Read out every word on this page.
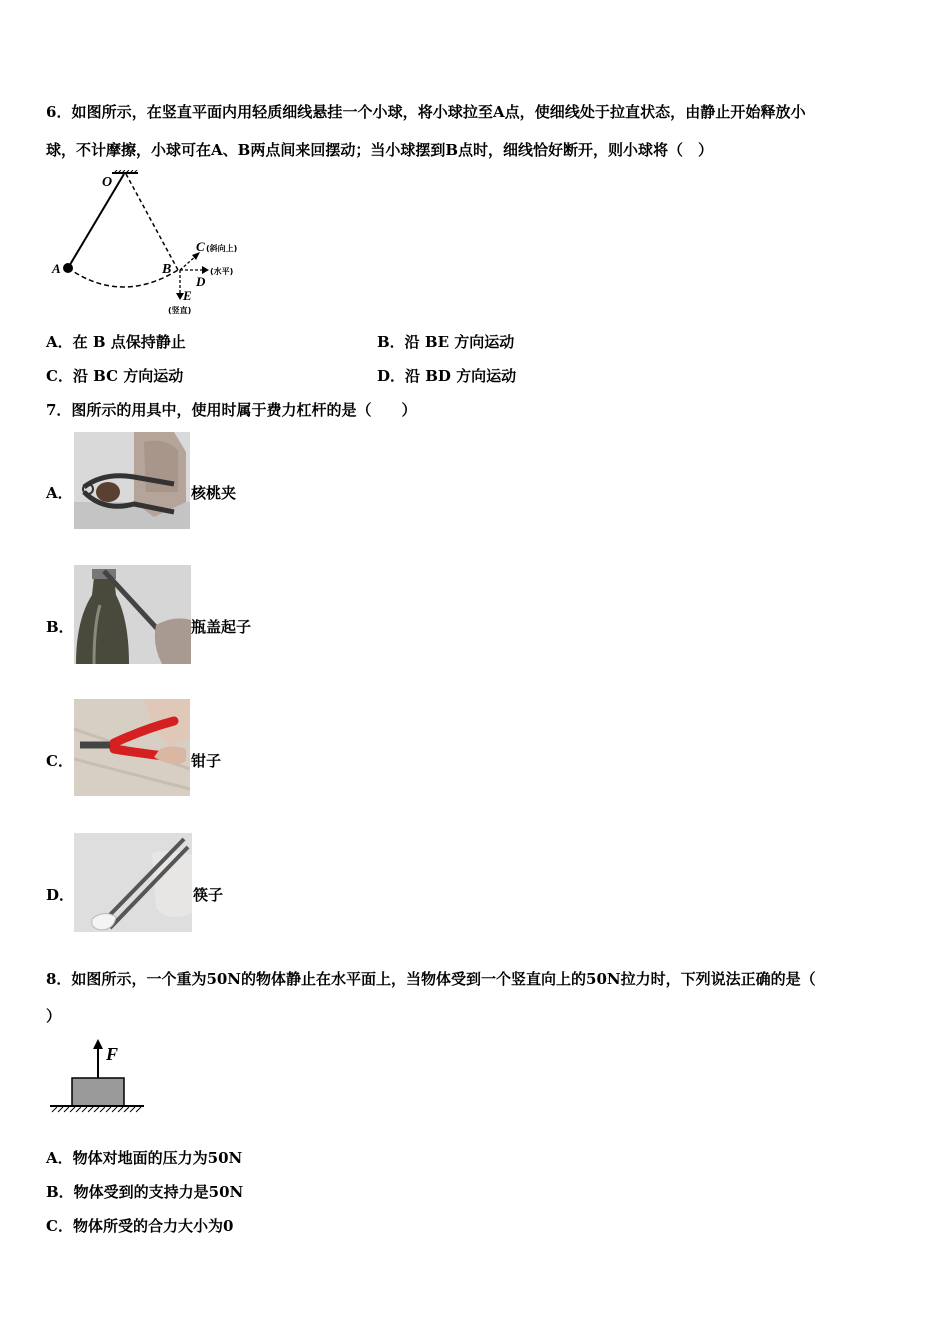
6．如图所示，在竖直平面内用轻质细线悬挂一个小球，将小球拉至A点，使细线处于拉直状态，由静止开始释放小
球，不计摩擦，小球可在A、B两点间来回摆动；当小球摆到B点时，细线恰好断开，则小球将（　）
O
A	B
C (斜向上)
D
(水平)
E
(竖直)
A．在 B 点保持静止	B．沿 BE 方向运动
C．沿 BC 方向运动	D．沿 BD 方向运动
7．图所示的用具中，使用时属于费力杠杆的是（　　）
A．	核桃夹
B．	瓶盖起子
C．	钳子
D．	筷子
8．如图所示，一个重为50N的物体静止在水平面上，当物体受到一个竖直向上的50N拉力时，下列说法正确的是（
）
F
A．物体对地面的压力为50N
B．物体受到的支持力是50N
C．物体所受的合力大小为0
